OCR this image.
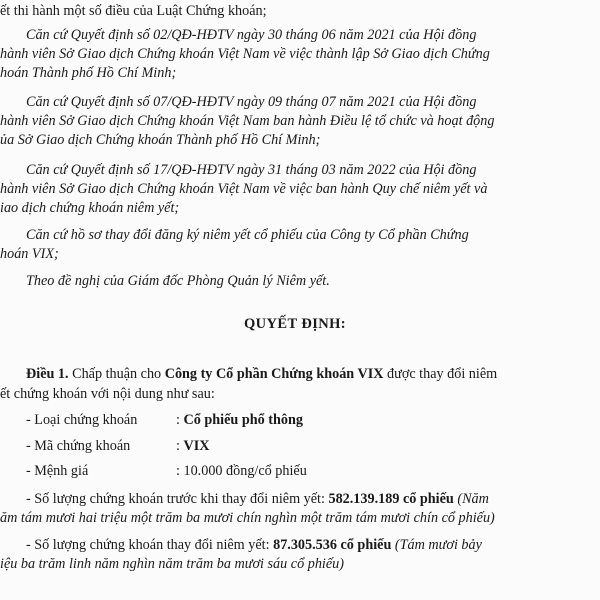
ết thi hành một số điều của Luật Chứng khoán;
Căn cứ Quyết định số 02/QĐ-HĐTV ngày 30 tháng 06 năm 2021 của Hội đồng
hành viên Sở Giao dịch Chứng khoán Việt Nam về việc thành lập Sở Giao dịch Chứng
hoán Thành phố Hồ Chí Minh;
Căn cứ Quyết định số 07/QĐ-HĐTV ngày 09 tháng 07 năm 2021 của Hội đồng
hành viên Sở Giao dịch Chứng khoán Việt Nam ban hành Điều lệ tổ chức và hoạt động
ủa Sở Giao dịch Chứng khoán Thành phố Hồ Chí Minh;
Căn cứ Quyết định số 17/QĐ-HĐTV ngày 31 tháng 03 năm 2022 của Hội đồng
hành viên Sở Giao dịch Chứng khoán Việt Nam về việc ban hành Quy chế niêm yết và
iao dịch chứng khoán niêm yết;
Căn cứ hồ sơ thay đổi đăng ký niêm yết cổ phiếu của Công ty Cổ phần Chứng
hoán VIX;
Theo đề nghị của Giám đốc Phòng Quản lý Niêm yết.
QUYẾT ĐỊNH:
Điều 1. Chấp thuận cho Công ty Cổ phần Chứng khoán VIX được thay đổi niêm
ết chứng khoán với nội dung như sau:
- Loại chứng khoán	: Cổ phiếu phổ thông
- Mã chứng khoán	: VIX
- Mệnh giá	: 10.000 đồng/cổ phiếu
- Số lượng chứng khoán trước khi thay đổi niêm yết: 582.139.189 cổ phiếu (Năm
ăm tám mươi hai triệu một trăm ba mươi chín nghìn một trăm tám mươi chín cổ phiếu)
- Số lượng chứng khoán thay đổi niêm yết: 87.305.536 cổ phiếu (Tám mươi bảy
iệu ba trăm linh năm nghìn năm trăm ba mươi sáu cổ phiếu)
